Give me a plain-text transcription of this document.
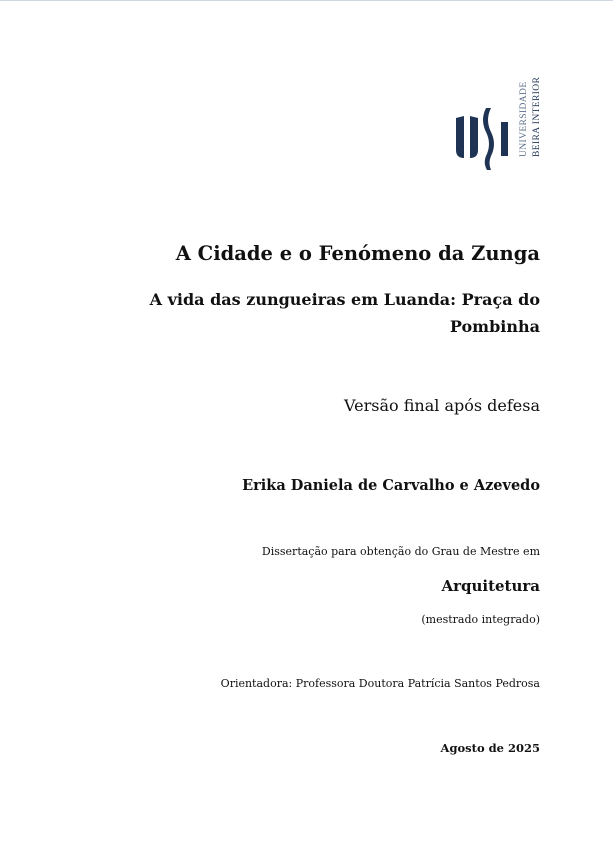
UNIVERSIDADE BEIRA INTERIOR
A Cidade e o Fenómeno da Zunga
A vida das zungueiras em Luanda: Praça do
Pombinha
Versão final após defesa
Erika Daniela de Carvalho e Azevedo
Dissertação para obtenção do Grau de Mestre em
Arquitetura
(mestrado integrado)
Orientadora: Professora Doutora Patrícia Santos Pedrosa
Agosto de 2025
